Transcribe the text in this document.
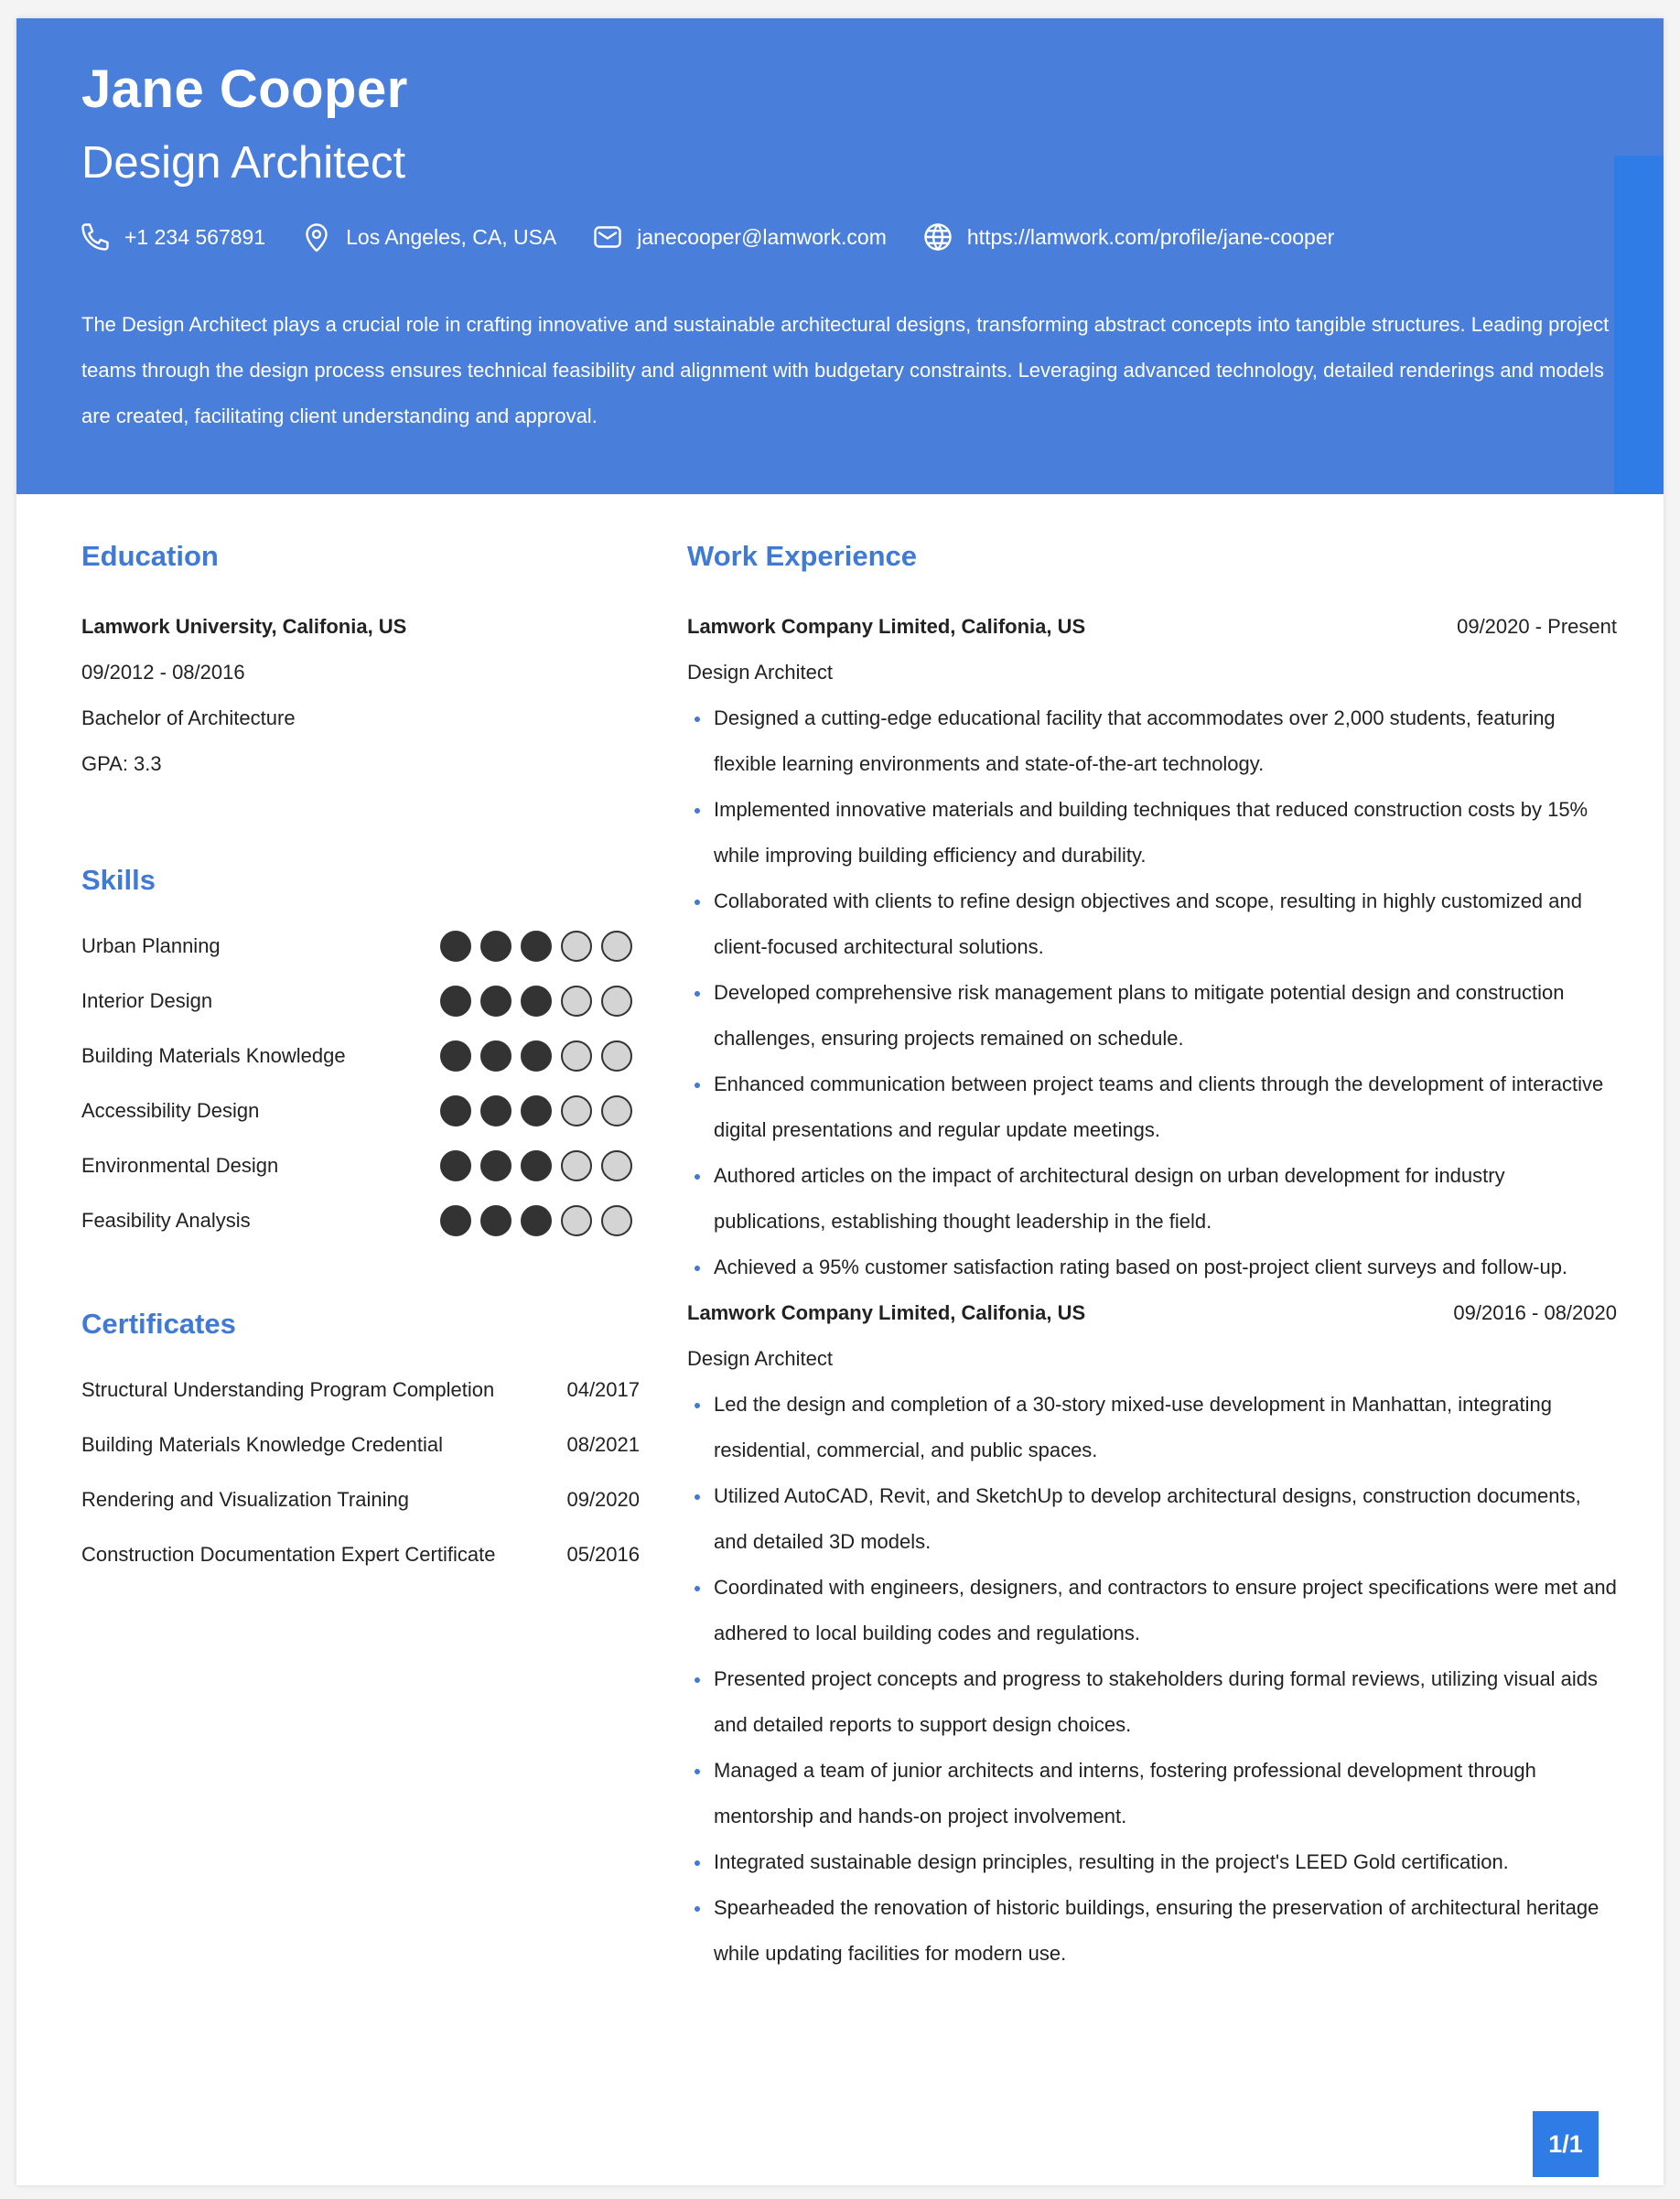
Jane Cooper
Design Architect
+1 234 567891	Los Angeles, CA, USA	janecooper@lamwork.com	https://lamwork.com/profile/jane-cooper
The Design Architect plays a crucial role in crafting innovative and sustainable architectural designs, transforming abstract concepts into tangible structures. Leading project teams through the design process ensures technical feasibility and alignment with budgetary constraints. Leveraging advanced technology, detailed renderings and models are created, facilitating client understanding and approval.
Education
Lamwork University, Califonia, US
09/2012 - 08/2016
Bachelor of Architecture
GPA: 3.3
Skills
Urban Planning
Interior Design
Building Materials Knowledge
Accessibility Design
Environmental Design
Feasibility Analysis
Certificates
Structural Understanding Program Completion	04/2017
Building Materials Knowledge Credential	08/2021
Rendering and Visualization Training	09/2020
Construction Documentation Expert Certificate	05/2016
Work Experience
Lamwork Company Limited, Califonia, US	09/2020 - Present
Design Architect
Designed a cutting-edge educational facility that accommodates over 2,000 students, featuring flexible learning environments and state-of-the-art technology.
Implemented innovative materials and building techniques that reduced construction costs by 15% while improving building efficiency and durability.
Collaborated with clients to refine design objectives and scope, resulting in highly customized and client-focused architectural solutions.
Developed comprehensive risk management plans to mitigate potential design and construction challenges, ensuring projects remained on schedule.
Enhanced communication between project teams and clients through the development of interactive digital presentations and regular update meetings.
Authored articles on the impact of architectural design on urban development for industry publications, establishing thought leadership in the field.
Achieved a 95% customer satisfaction rating based on post-project client surveys and follow-up.
Lamwork Company Limited, Califonia, US	09/2016 - 08/2020
Design Architect
Led the design and completion of a 30-story mixed-use development in Manhattan, integrating residential, commercial, and public spaces.
Utilized AutoCAD, Revit, and SketchUp to develop architectural designs, construction documents, and detailed 3D models.
Coordinated with engineers, designers, and contractors to ensure project specifications were met and adhered to local building codes and regulations.
Presented project concepts and progress to stakeholders during formal reviews, utilizing visual aids and detailed reports to support design choices.
Managed a team of junior architects and interns, fostering professional development through mentorship and hands-on project involvement.
Integrated sustainable design principles, resulting in the project's LEED Gold certification.
Spearheaded the renovation of historic buildings, ensuring the preservation of architectural heritage while updating facilities for modern use.
1/1
